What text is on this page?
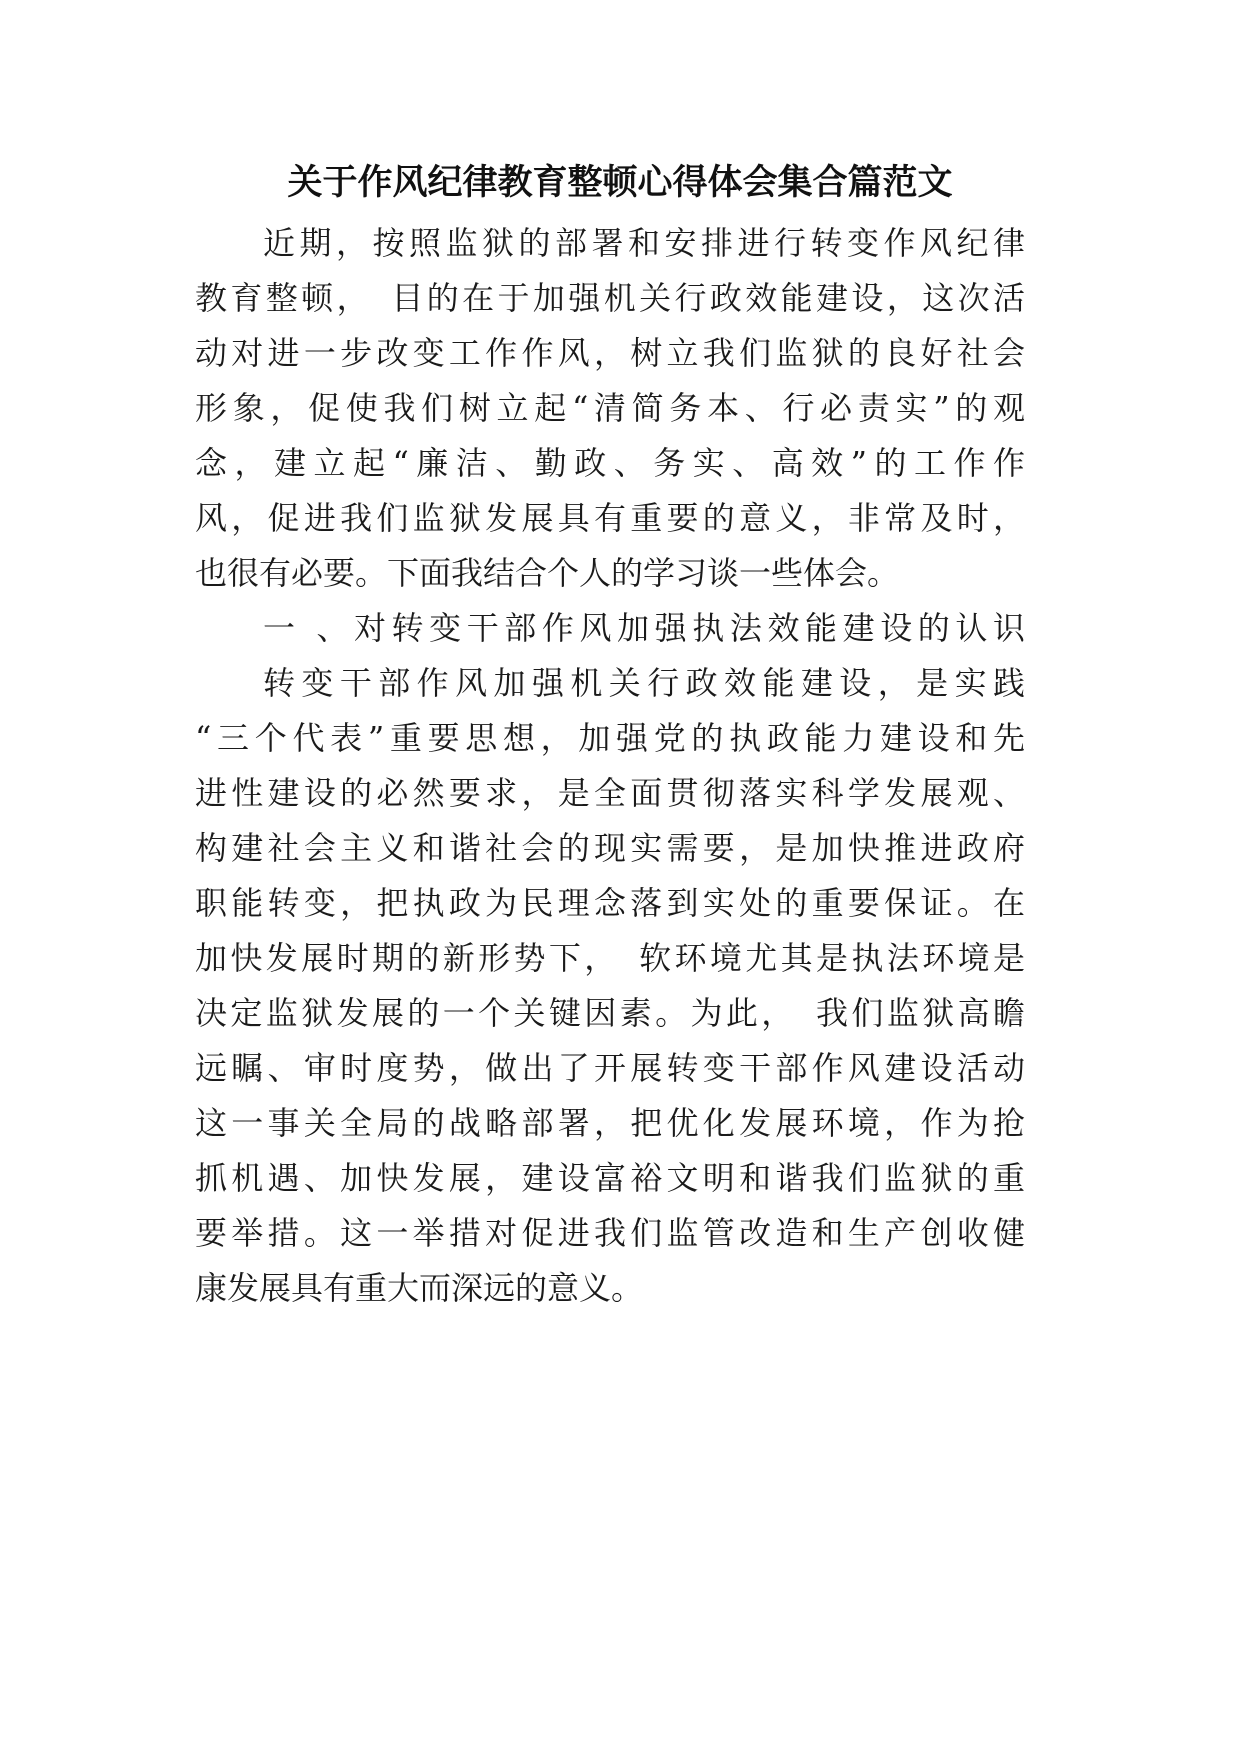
关于作风纪律教育整顿心得体会集合篇范文
近期，按照监狱的部署和安排进行转变作风纪律
教育整顿，　目的在于加强机关行政效能建设，这次活
动对进一步改变工作作风，树立我们监狱的良好社会
形象，促使我们树立起“清简务本、行必责实”的观
念，建立起“廉洁、勤政、务实、高效”的工作作
风，促进我们监狱发展具有重要的意义，非常及时，
也很有必要。下面我结合个人的学习谈一些体会。
一 、对转变干部作风加强执法效能建设的认识
转变干部作风加强机关行政效能建设，是实践
“三个代表”重要思想，加强党的执政能力建设和先
进性建设的必然要求，是全面贯彻落实科学发展观、
构建社会主义和谐社会的现实需要，是加快推进政府
职能转变，把执政为民理念落到实处的重要保证。在
加快发展时期的新形势下，　软环境尤其是执法环境是
决定监狱发展的一个关键因素。为此，　我们监狱高瞻
远瞩、审时度势，做出了开展转变干部作风建设活动
这一事关全局的战略部署，把优化发展环境，作为抢
抓机遇、加快发展，建设富裕文明和谐我们监狱的重
要举措。这一举措对促进我们监管改造和生产创收健
康发展具有重大而深远的意义。
